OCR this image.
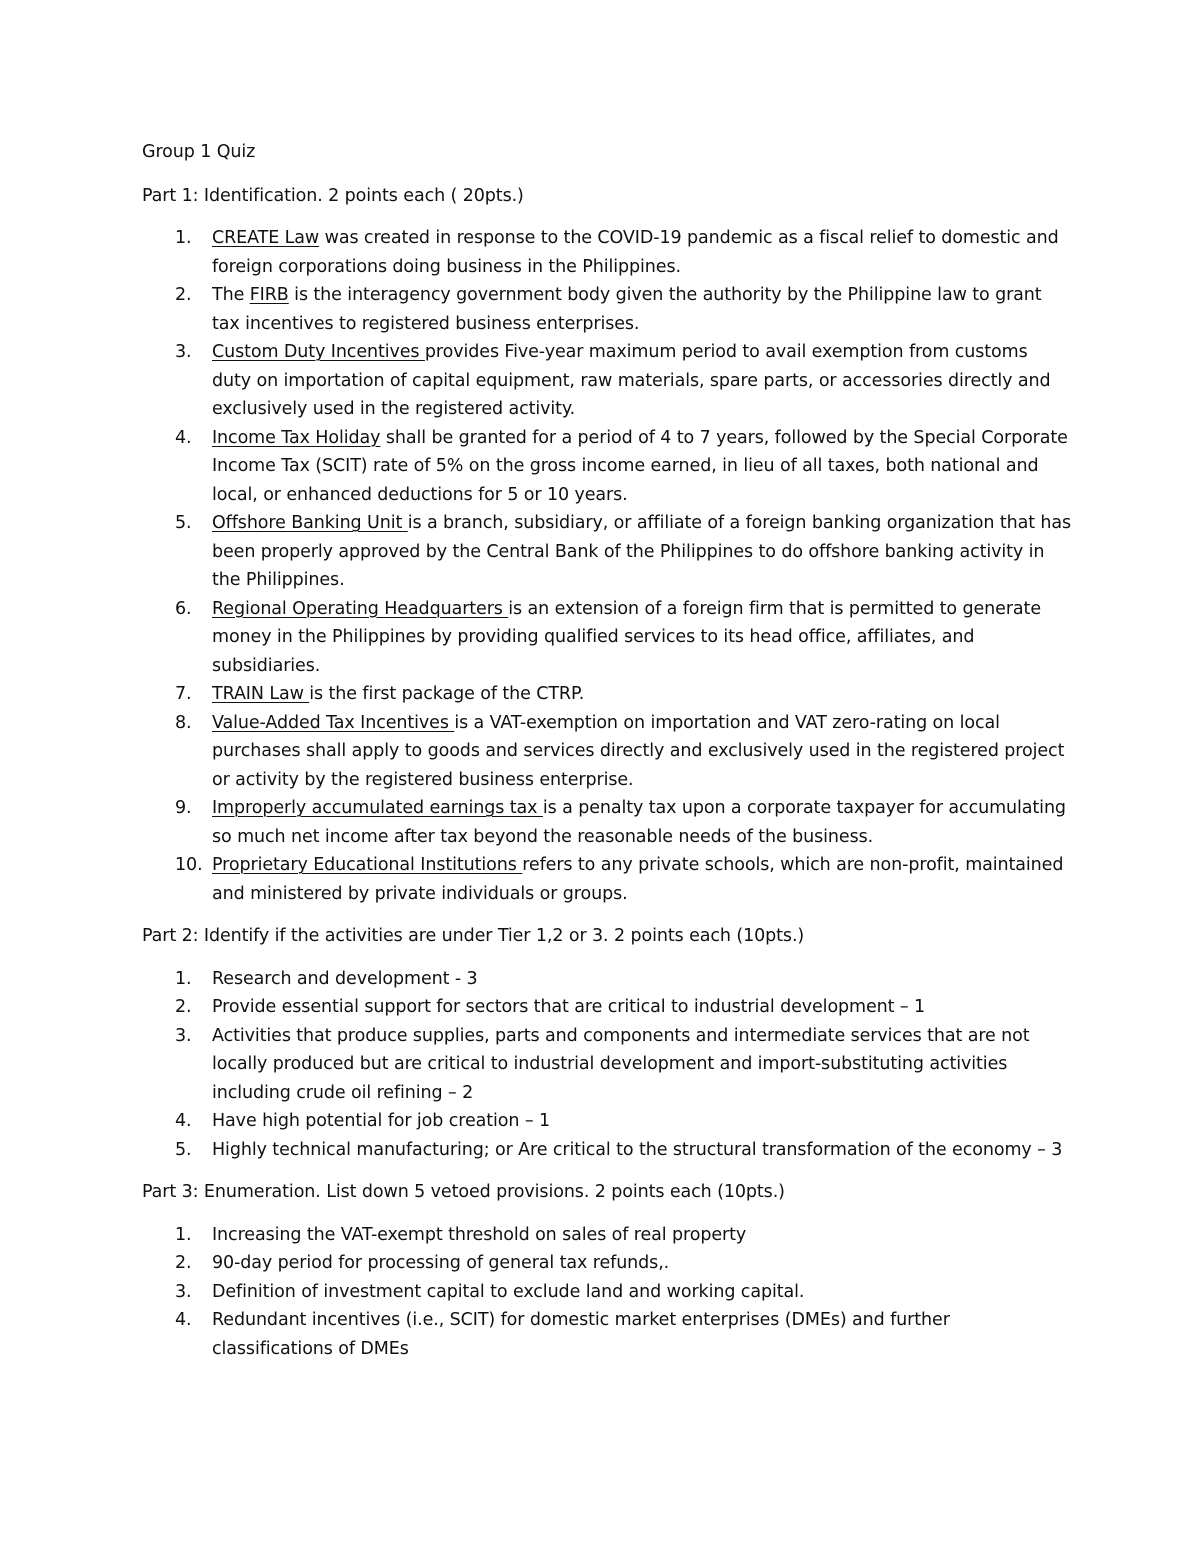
Group 1 Quiz

Part 1: Identification. 2 points each ( 20pts.)

1.	CREATE Law was created in response to the COVID-19 pandemic as a fiscal relief to domestic and foreign corporations doing business in the Philippines.
2.	The FIRB is the interagency government body given the authority by the Philippine law to grant tax incentives to registered business enterprises.
3.	Custom Duty Incentives provides Five-year maximum period to avail exemption from customs duty on importation of capital equipment, raw materials, spare parts, or accessories directly and exclusively used in the registered activity.
4.	Income Tax Holiday shall be granted for a period of 4 to 7 years, followed by the Special Corporate Income Tax (SCIT) rate of 5% on the gross income earned, in lieu of all taxes, both national and local, or enhanced deductions for 5 or 10 years.
5.	Offshore Banking Unit is a branch, subsidiary, or affiliate of a foreign banking organization that has been properly approved by the Central Bank of the Philippines to do offshore banking activity in the Philippines.
6.	Regional Operating Headquarters is an extension of a foreign firm that is permitted to generate money in the Philippines by providing qualified services to its head office, affiliates, and subsidiaries.
7.	TRAIN Law is the first package of the CTRP.
8.	Value-Added Tax Incentives is a VAT-exemption on importation and VAT zero-rating on local purchases shall apply to goods and services directly and exclusively used in the registered project or activity by the registered business enterprise.
9.	Improperly accumulated earnings tax is a penalty tax upon a corporate taxpayer for accumulating so much net income after tax beyond the reasonable needs of the business.
10. Proprietary Educational Institutions refers to any private schools, which are non-profit, maintained and ministered by private individuals or groups.

Part 2: Identify if the activities are under Tier 1,2 or 3. 2 points each (10pts.)

1.	Research and development - 3
2.	Provide essential support for sectors that are critical to industrial development – 1
3.	Activities that produce supplies, parts and components and intermediate services that are not locally produced but are critical to industrial development and import-substituting activities including crude oil refining – 2
4.	Have high potential for job creation – 1
5.	Highly technical manufacturing; or Are critical to the structural transformation of the economy – 3

Part 3: Enumeration. List down 5 vetoed provisions. 2 points each (10pts.)

1.	Increasing the VAT-exempt threshold on sales of real property
2.	90-day period for processing of general tax refunds,.
3.	Definition of investment capital to exclude land and working capital.
4.	Redundant incentives (i.e., SCIT) for domestic market enterprises (DMEs) and further classifications of DMEs
